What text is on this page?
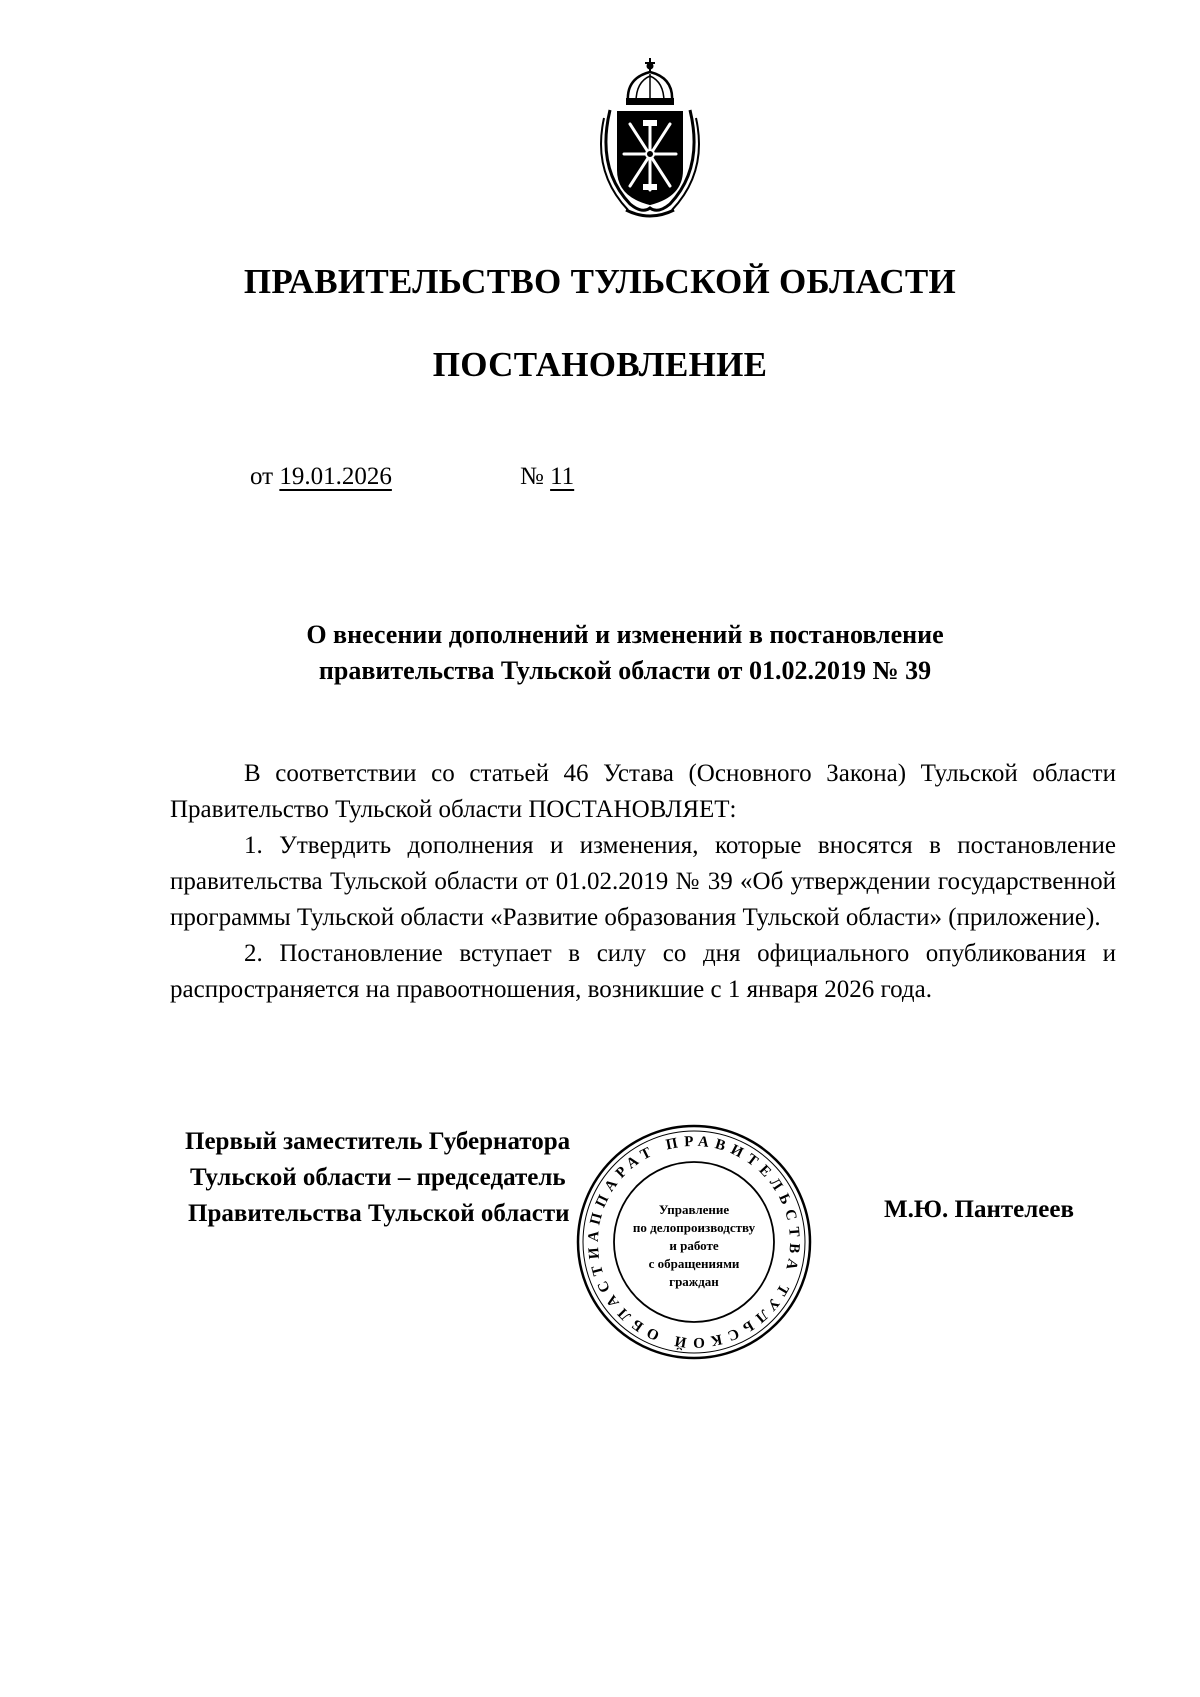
ПРАВИТЕЛЬСТВО ТУЛЬСКОЙ ОБЛАСТИ
ПОСТАНОВЛЕНИЕ
от 19.01.2026	№ 11
О внесении дополнений и изменений в постановление
правительства Тульской области от 01.02.2019 № 39

В соответствии со статьей 46 Устава (Основного Закона) Тульской области Правительство Тульской области ПОСТАНОВЛЯЕТ:

1. Утвердить дополнения и изменения, которые вносятся в постановление правительства Тульской области от 01.02.2019 № 39 «Об утверждении государственной программы Тульской области «Развитие образования Тульской области» (приложение).

2. Постановление вступает в силу со дня официального опубликования и распространяется на правоотношения, возникшие с 1 января 2026 года.

Первый заместитель Губернатора
Тульской области – председатель
Правительства Тульской области	М.Ю. Пантелеев
АППАРАТ ПРАВИТЕЛЬСТВА ТУЛЬСКОЙ ОБЛАСТИ
Управление
по делопроизводству
и работе
с обращениями
граждан
